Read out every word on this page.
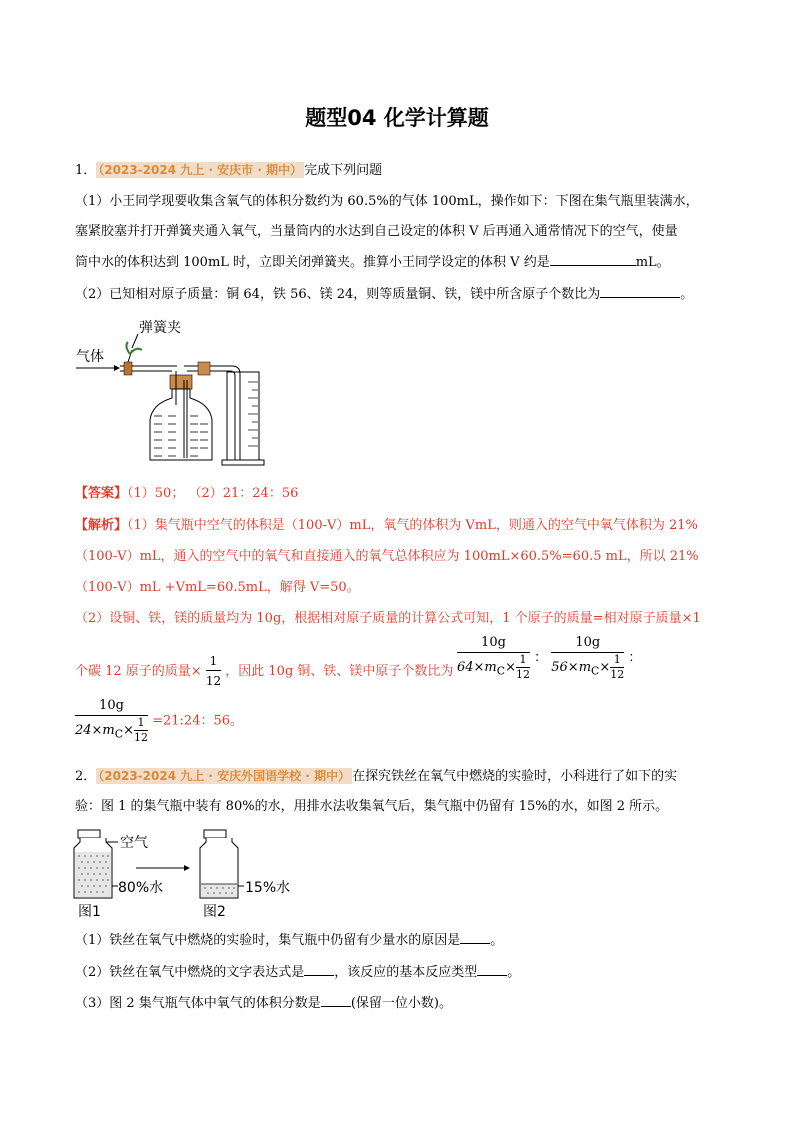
题型04 化学计算题
1． （2023-2024 九上 · 安庆市 · 期中） 完成下列问题
（1）小王同学现要收集含氧气的体积分数约为 60.5%的气体 100mL，操作如下：下图在集气瓶里装满水，
塞紧胶塞并打开弹簧夹通入氧气，当量筒内的水达到自己设定的体积 V 后再通入通常情况下的空气，使量
筒中水的体积达到 100mL 时，立即关闭弹簧夹。推算小王同学设定的体积 V 约是	mL。
（2）已知相对原子质量：铜 64，铁 56、镁 24，则等质量铜、铁，镁中所含原子个数比为	。
弹簧夹
气体
【答案】（1）50； （2）21：24：56
【解析】（1）集气瓶中空气的体积是（100-V）mL，氧气的体积为 VmL，则通入的空气中氧气体积为 21%
（100-V）mL，通入的空气中的氧气和直接通入的氧气总体积应为 100mL×60.5%=60.5 mL，所以 21%
（100-V）mL +VmL=60.5mL，解得 V=50。
（2）设铜、铁，镁的质量均为 10g，根据相对原子质量的计算公式可知，1 个原子的质量=相对原子质量×1
个碳 12 原子的质量× $\frac{1}{12}$ ，因此 10g 铜、铁、镁中原子个数比为 $\frac{10g}{64\times m_C\times \frac{1}{12}}$ ： $\frac{10g}{56\times m_C\times \frac{1}{12}}$ ：
$\frac{10g}{24\times m_C\times \frac{1}{12}}$ =21:24：56。
2． （2023-2024 九上 · 安庆外国语学校 · 期中） 在探究铁丝在氧气中燃烧的实验时，小科进行了如下的实
验：图 1 的集气瓶中装有 80%的水，用排水法收集氧气后，集气瓶中仍留有 15%的水，如图 2 所示。
空气
80%水	15%水
图1	图2
（1）铁丝在氧气中燃烧的实验时，集气瓶中仍留有少量水的原因是 。
（2）铁丝在氧气中燃烧的文字表达式是 ，该反应的基本反应类型 。
（3）图 2 集气瓶气体中氧气的体积分数是 (保留一位小数)。
